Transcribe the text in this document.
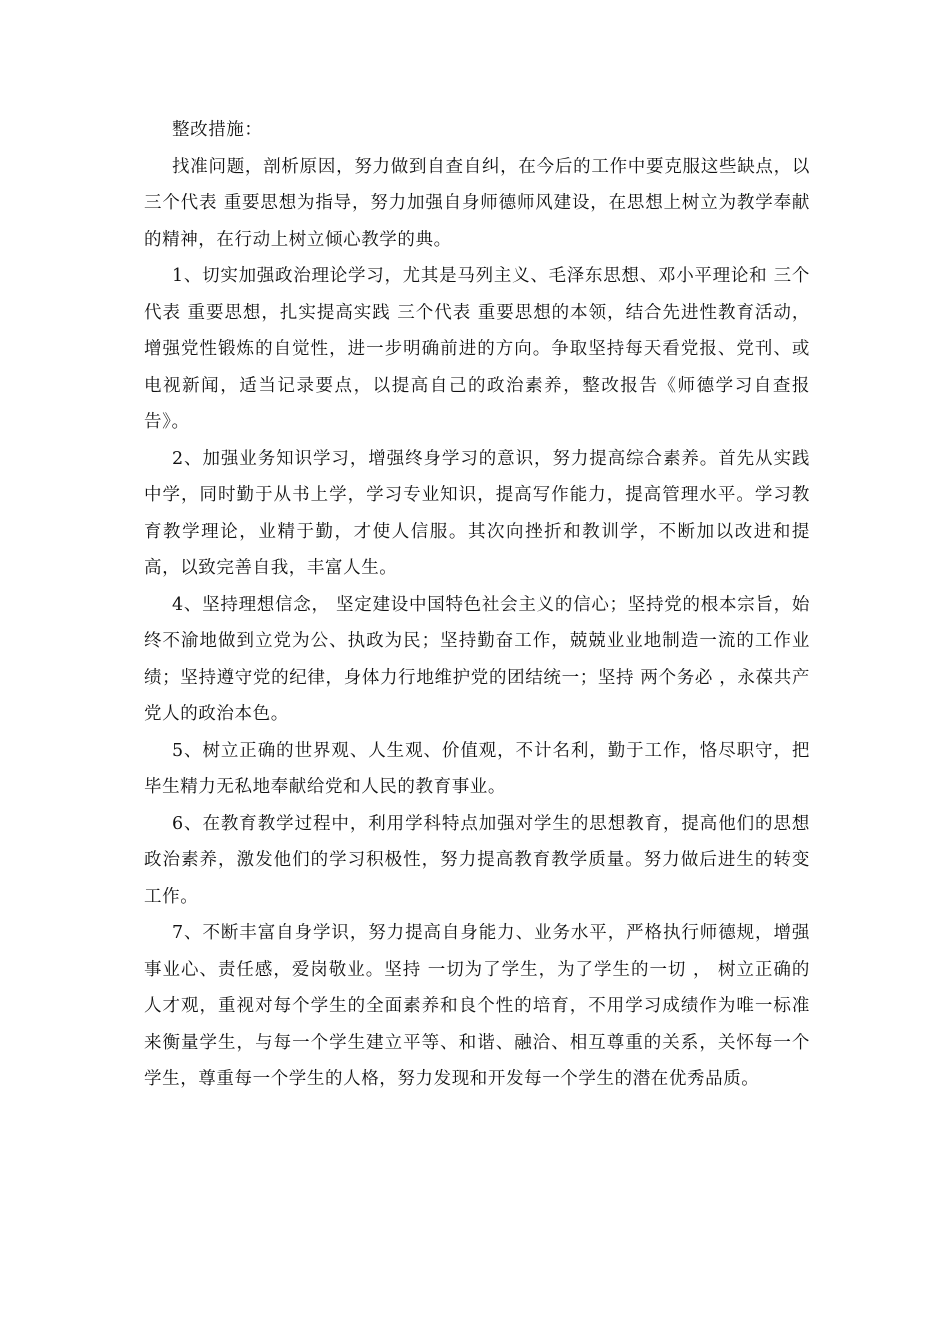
整改措施：

找准问题，剖析原因，努力做到自查自纠，在今后的工作中要克服这些缺点，以 三个代表 重要思想为指导，努力加强自身师德师风建设，在思想上树立为教学奉献的精神，在行动上树立倾心教学的典。

1、切实加强政治理论学习，尤其是马列主义、毛泽东思想、邓小平理论和 三个代表 重要思想，扎实提高实践 三个代表 重要思想的本领，结合先进性教育活动，增强党性锻炼的自觉性，进一步明确前进的方向。争取坚持每天看党报、党刊、或电视新闻，适当记录要点，以提高自己的政治素养，整改报告《师德学习自查报告》。

2、加强业务知识学习，增强终身学习的意识，努力提高综合素养。首先从实践中学，同时勤于从书上学，学习专业知识，提高写作能力，提高管理水平。学习教育教学理论，业精于勤，才使人信服。其次向挫折和教训学，不断加以改进和提高，以致完善自我，丰富人生。

4、坚持理想信念， 坚定建设中国特色社会主义的信心；坚持党的根本宗旨，始终不渝地做到立党为公、执政为民；坚持勤奋工作，兢兢业业地制造一流的工作业绩；坚持遵守党的纪律，身体力行地维护党的团结统一；坚持 两个务必 ，永葆共产党人的政治本色。

5、树立正确的世界观、人生观、价值观，不计名利，勤于工作，恪尽职守，把毕生精力无私地奉献给党和人民的教育事业。

6、在教育教学过程中，利用学科特点加强对学生的思想教育，提高他们的思想政治素养，激发他们的学习积极性，努力提高教育教学质量。努力做后进生的转变工作。

7、不断丰富自身学识，努力提高自身能力、业务水平，严格执行师德规，增强事业心、责任感，爱岗敬业。坚持 一切为了学生，为了学生的一切 ， 树立正确的人才观，重视对每个学生的全面素养和良个性的培育，不用学习成绩作为唯一标准来衡量学生，与每一个学生建立平等、和谐、融洽、相互尊重的关系，关怀每一个学生，尊重每一个学生的人格，努力发现和开发每一个学生的潜在优秀品质。
